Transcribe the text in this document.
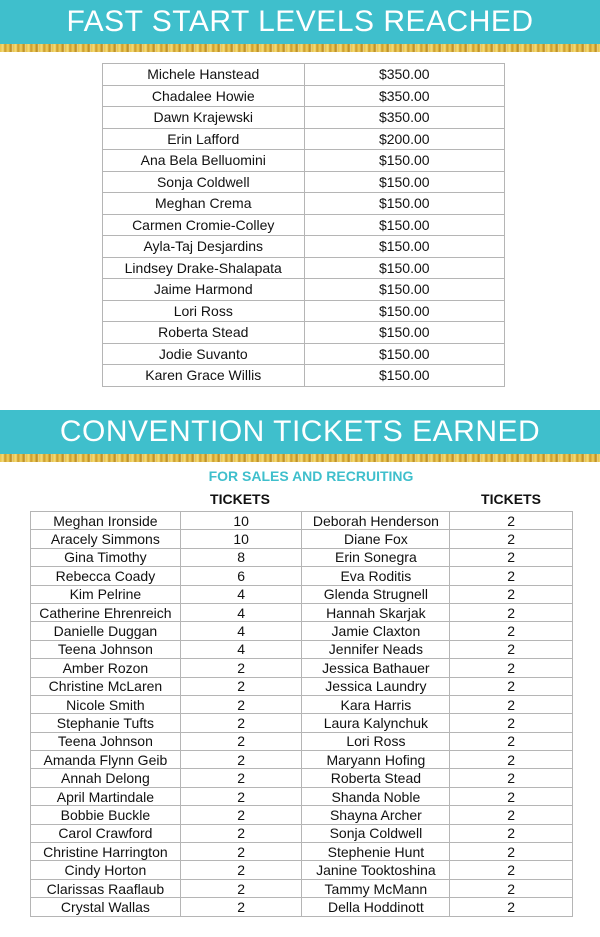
FAST START LEVELS REACHED
Michele Hanstead	$350.00
Chadalee Howie	$350.00
Dawn Krajewski	$350.00
Erin Lafford	$200.00
Ana Bela Belluomini	$150.00
Sonja Coldwell	$150.00
Meghan Crema	$150.00
Carmen Cromie-Colley	$150.00
Ayla-Taj Desjardins	$150.00
Lindsey Drake-Shalapata	$150.00
Jaime Harmond	$150.00
Lori Ross	$150.00
Roberta Stead	$150.00
Jodie Suvanto	$150.00
Karen Grace Willis	$150.00
CONVENTION TICKETS EARNED
FOR SALES AND RECRUITING
TICKETS	TICKETS
Meghan Ironside	10	Deborah Henderson	2
Aracely Simmons	10	Diane Fox	2
Gina Timothy	8	Erin Sonegra	2
Rebecca Coady	6	Eva Roditis	2
Kim Pelrine	4	Glenda Strugnell	2
Catherine Ehrenreich	4	Hannah Skarjak	2
Danielle Duggan	4	Jamie Claxton	2
Teena Johnson	4	Jennifer Neads	2
Amber Rozon	2	Jessica Bathauer	2
Christine McLaren	2	Jessica Laundry	2
Nicole Smith	2	Kara Harris	2
Stephanie Tufts	2	Laura Kalynchuk	2
Teena Johnson	2	Lori Ross	2
Amanda Flynn Geib	2	Maryann Hofing	2
Annah Delong	2	Roberta Stead	2
April Martindale	2	Shanda Noble	2
Bobbie Buckle	2	Shayna Archer	2
Carol Crawford	2	Sonja Coldwell	2
Christine Harrington	2	Stephenie Hunt	2
Cindy Horton	2	Janine Tooktoshina	2
Clarissas Raaflaub	2	Tammy McMann	2
Crystal Wallas	2	Della Hoddinott	2
